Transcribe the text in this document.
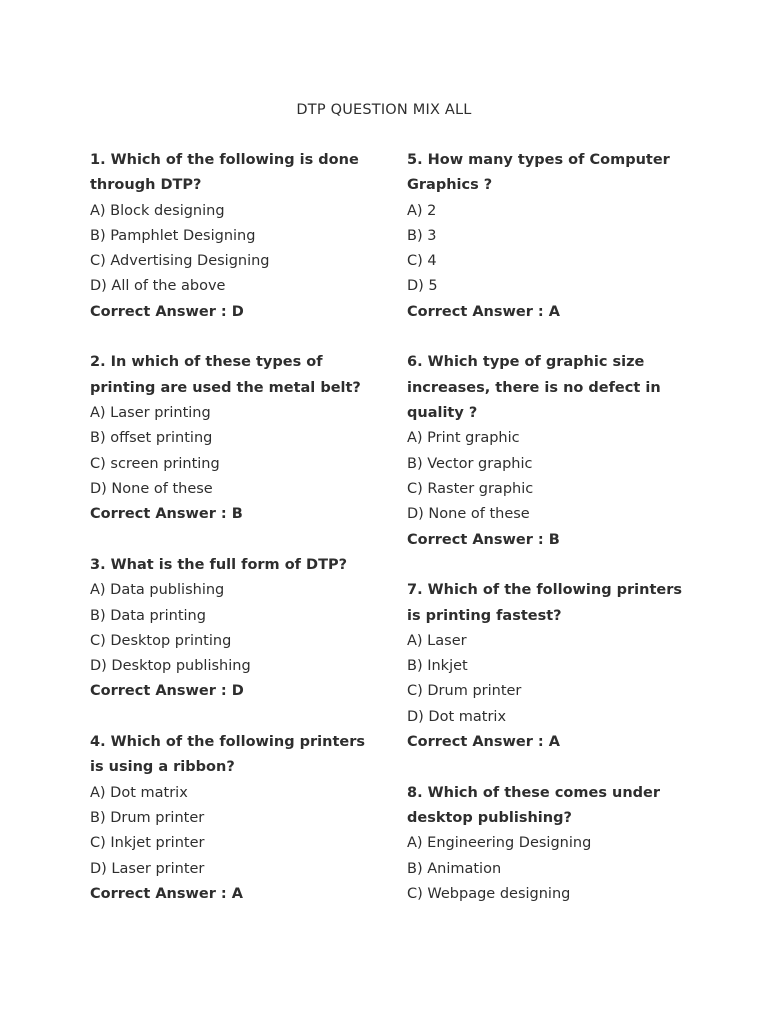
DTP QUESTION MIX ALL
1. Which of the following is done through DTP?
A) Block designing
B) Pamphlet Designing
C) Advertising Designing
D) All of the above
Correct Answer : D
2. In which of these types of printing are used the metal belt?
A) Laser printing
B) offset printing
C) screen printing
D) None of these
Correct Answer : B
3. What is the full form of DTP?
A) Data publishing
B) Data printing
C) Desktop printing
D) Desktop publishing
Correct Answer : D
4. Which of the following printers is using a ribbon?
A) Dot matrix
B) Drum printer
C) Inkjet printer
D) Laser printer
Correct Answer : A
5. How many types of Computer Graphics ?
A) 2
B) 3
C) 4
D) 5
Correct Answer : A
6. Which type of graphic size increases, there is no defect in quality ?
A) Print graphic
B) Vector graphic
C) Raster graphic
D) None of these
Correct Answer : B
7. Which of the following printers is printing fastest?
A) Laser
B) Inkjet
C) Drum printer
D) Dot matrix
Correct Answer : A
8. Which of these comes under desktop publishing?
A) Engineering Designing
B) Animation
C) Webpage designing
